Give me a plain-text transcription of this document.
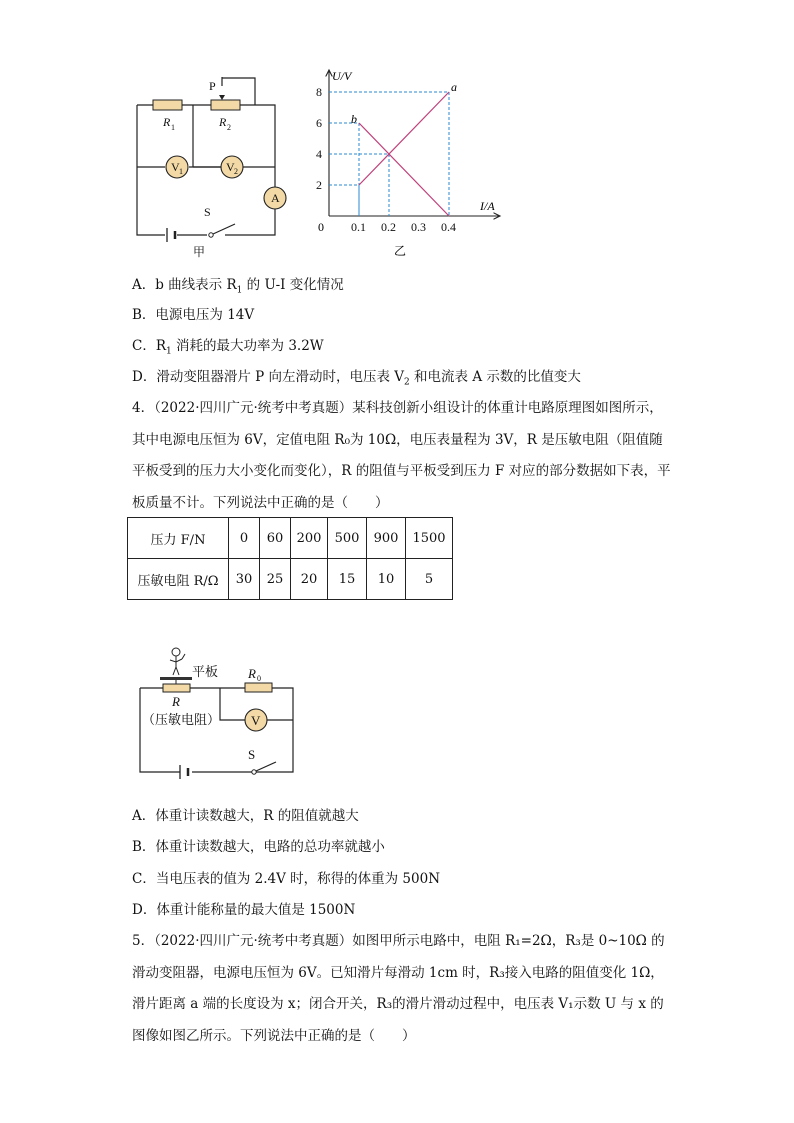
P
R 1	R 2
V 1	V 2
A
S
甲
0.1 0.2 0.3 0.4
2
4
6
8
U/V
I/A
0
a
b
乙
A．b 曲线表示 $R_1$ 的 U-I 变化情况
B．电源电压为 14V
C．$R_1$ 消耗的最大功率为 3.2W
D．滑动变阻器滑片 P 向左滑动时，电压表 $V_2$ 和电流表 A 示数的比值变大
4．（2022·四川广元·统考中考真题）某科技创新小组设计的体重计电路原理图如图所示，其中电源电压恒为 6V，定值电阻 R₀为 10Ω，电压表量程为 3V，R 是压敏电阻（阻值随平板受到的压力大小变化而变化），R 的阻值与平板受到压力 F 对应的部分数据如下表，平板质量不计。下列说法中正确的是（　　）
压力 F/N	0	60	200	500	900	1500
压敏电阻 R/Ω	30	25	20	15	10	5
平板
R
（压敏电阻）
R 0
V
S
A．体重计读数越大，R 的阻值就越大
B．体重计读数越大，电路的总功率就越小
C．当电压表的值为 2.4V 时，称得的体重为 500N
D．体重计能称量的最大值是 1500N
5．（2022·四川广元·统考中考真题）如图甲所示电路中，电阻 R₁=2Ω，R₃是 0~10Ω 的滑动变阻器，电源电压恒为 6V。已知滑片每滑动 1cm 时，R₃接入电路的阻值变化 1Ω，滑片距离 a 端的长度设为 x；闭合开关，R₃的滑片滑动过程中，电压表 V₁示数 U 与 x 的图像如图乙所示。下列说法中正确的是（　　）
